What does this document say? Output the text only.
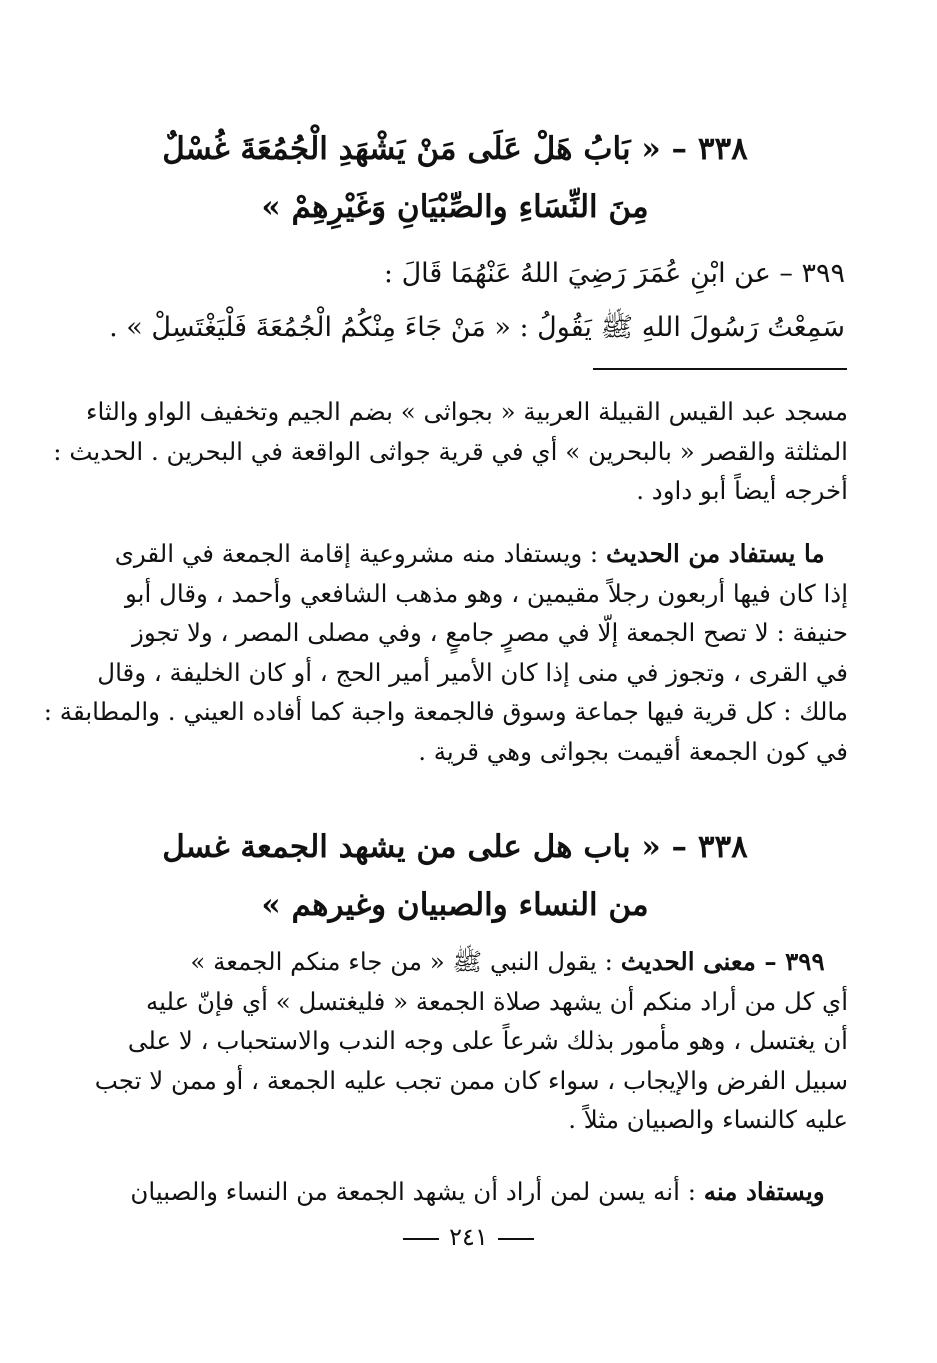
٣٣٨ – « بَابُ هَلْ عَلَى مَنْ يَشْهَدِ الْجُمُعَةَ غُسْلٌ
مِنَ النِّسَاءِ والصِّبْيَانِ وَغَيْرِهِمْ »
٣٩٩ – عن ابْنِ عُمَرَ رَضِيَ اللهُ عَنْهُمَا قَالَ :
سَمِعْتُ رَسُولَ اللهِ ﷺ يَقُولُ : « مَنْ جَاءَ مِنْكُمُ الْجُمُعَةَ فَلْيَغْتَسِلْ » .
مسجد عبد القيس القبيلة العربية « بجواثى » بضم الجيم وتخفيف الواو والثاء
المثلثة والقصر « بالبحرين » أي في قرية جواثى الواقعة في البحرين . الحديث :
أخرجه أيضاً أبو داود .
ما يستفاد من الحديث : ويستفاد منه مشروعية إقامة الجمعة في القرى
إذا كان فيها أربعون رجلاً مقيمين ، وهو مذهب الشافعي وأحمد ، وقال أبو
حنيفة : لا تصح الجمعة إلّا في مصرٍ جامعٍ ، وفي مصلى المصر ، ولا تجوز
في القرى ، وتجوز في منى إذا كان الأمير أمير الحج ، أو كان الخليفة ، وقال
مالك : كل قرية فيها جماعة وسوق فالجمعة واجبة كما أفاده العيني . والمطابقة :
في كون الجمعة أقيمت بجواثى وهي قرية .
٣٣٨ – « باب هل على من يشهد الجمعة غسل
من النساء والصبيان وغيرهم »
٣٩٩ – معنى الحديث : يقول النبي ﷺ « من جاء منكم الجمعة »
أي كل من أراد منكم أن يشهد صلاة الجمعة « فليغتسل » أي فإنّ عليه
أن يغتسل ، وهو مأمور بذلك شرعاً على وجه الندب والاستحباب ، لا على
سبيل الفرض والإيجاب ، سواء كان ممن تجب عليه الجمعة ، أو ممن لا تجب
عليه كالنساء والصبيان مثلاً .
ويستفاد منه : أنه يسن لمن أراد أن يشهد الجمعة من النساء والصبيان
٢٤١
